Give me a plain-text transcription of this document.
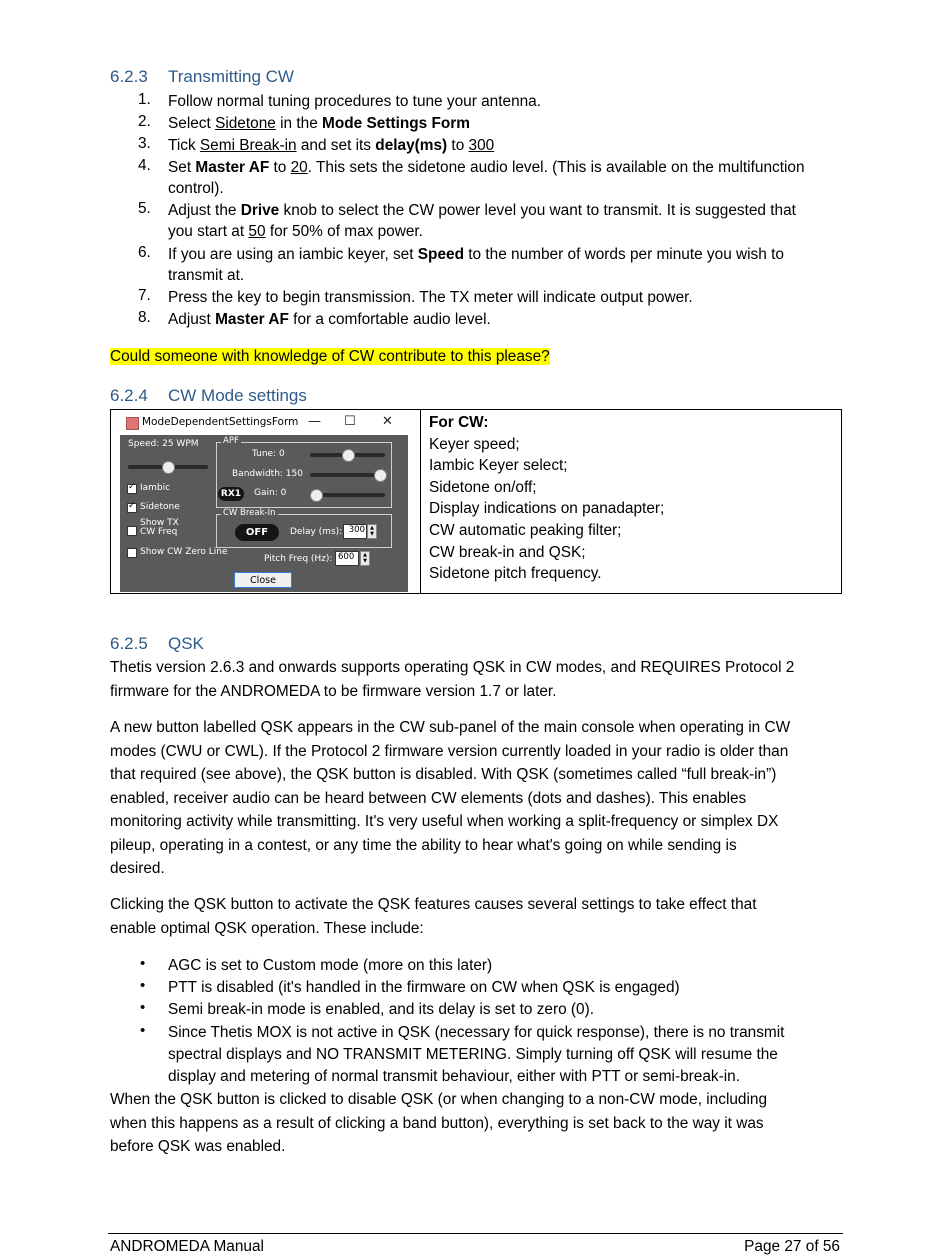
6.2.3 Transmitting CW
1. Follow normal tuning procedures to tune your antenna.
2. Select Sidetone in the Mode Settings Form
3. Tick Semi Break-in and set its delay(ms) to 300
4. Set Master AF to 20. This sets the sidetone audio level. (This is available on the multifunction
control).
5. Adjust the Drive knob to select the CW power level you want to transmit. It is suggested that
you start at 50 for 50% of max power.
6. If you are using an iambic keyer, set Speed to the number of words per minute you wish to
transmit at.
7. Press the key to begin transmission. The TX meter will indicate output power.
8. Adjust Master AF for a comfortable audio level.
Could someone with knowledge of CW contribute to this please?
6.2.4 CW Mode settings
For CW:
Keyer speed;
Iambic Keyer select;
Sidetone on/off;
Display indications on panadapter;
CW automatic peaking filter;
CW break-in and QSK;
Sidetone pitch frequency.
ModeDependentSettingsForm — ☐ ✕
Speed: 25 WPM
✓ Iambic
✓ Sidetone
Show TX
CW Freq
Show CW Zero Line
APF
Tune: 0
Bandwidth: 150
RX1	Gain: 0
CW Break-In
OFF	Delay (ms): 300	▲
▼
Pitch Freq (Hz): 600	▲
▼
Close
6.2.5 QSK
Thetis version 2.6.3 and onwards supports operating QSK in CW modes, and REQUIRES Protocol 2
firmware for the ANDROMEDA to be firmware version 1.7 or later.
A new button labelled QSK appears in the CW sub-panel of the main console when operating in CW
modes (CWU or CWL). If the Protocol 2 firmware version currently loaded in your radio is older than
that required (see above), the QSK button is disabled. With QSK (sometimes called “full break-in”)
enabled, receiver audio can be heard between CW elements (dots and dashes). This enables
monitoring activity while transmitting. It's very useful when working a split-frequency or simplex DX
pileup, operating in a contest, or any time the ability to hear what's going on while sending is
desired.
Clicking the QSK button to activate the QSK features causes several settings to take effect that
enable optimal QSK operation. These include:
• AGC is set to Custom mode (more on this later)
• PTT is disabled (it's handled in the firmware on CW when QSK is engaged)
• Semi break-in mode is enabled, and its delay is set to zero (0).
• Since Thetis MOX is not active in QSK (necessary for quick response), there is no transmit
spectral displays and NO TRANSMIT METERING. Simply turning off QSK will resume the
display and metering of normal transmit behaviour, either with PTT or semi-break-in.
When the QSK button is clicked to disable QSK (or when changing to a non-CW mode, including
when this happens as a result of clicking a band button), everything is set back to the way it was
before QSK was enabled.
ANDROMEDA Manual	Page 27 of 56
